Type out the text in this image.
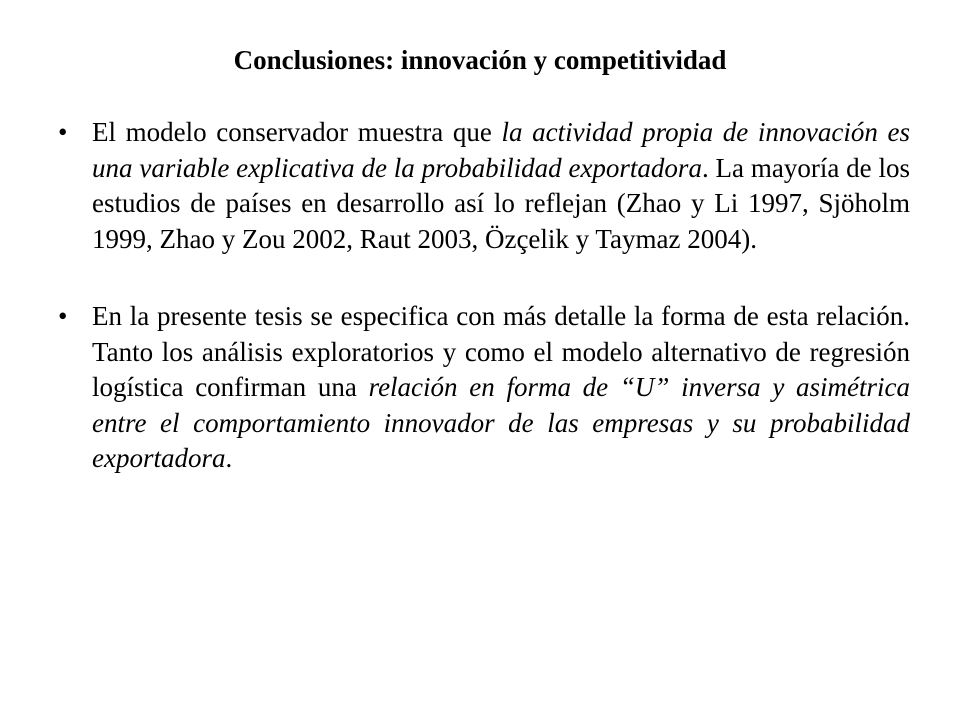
Conclusiones: innovación y competitividad
• El modelo conservador muestra que la actividad propia de innovación es una variable explicativa de la probabilidad exportadora. La mayoría de los estudios de países en desarrollo así lo reflejan (Zhao y Li 1997, Sjöholm 1999, Zhao y Zou 2002, Raut 2003, Özçelik y Taymaz 2004).
• En la presente tesis se especifica con más detalle la forma de esta relación. Tanto los análisis exploratorios y como el modelo alternativo de regresión logística confirman una relación en forma de “U” inversa y asimétrica entre el comportamiento innovador de las empresas y su probabilidad exportadora.
